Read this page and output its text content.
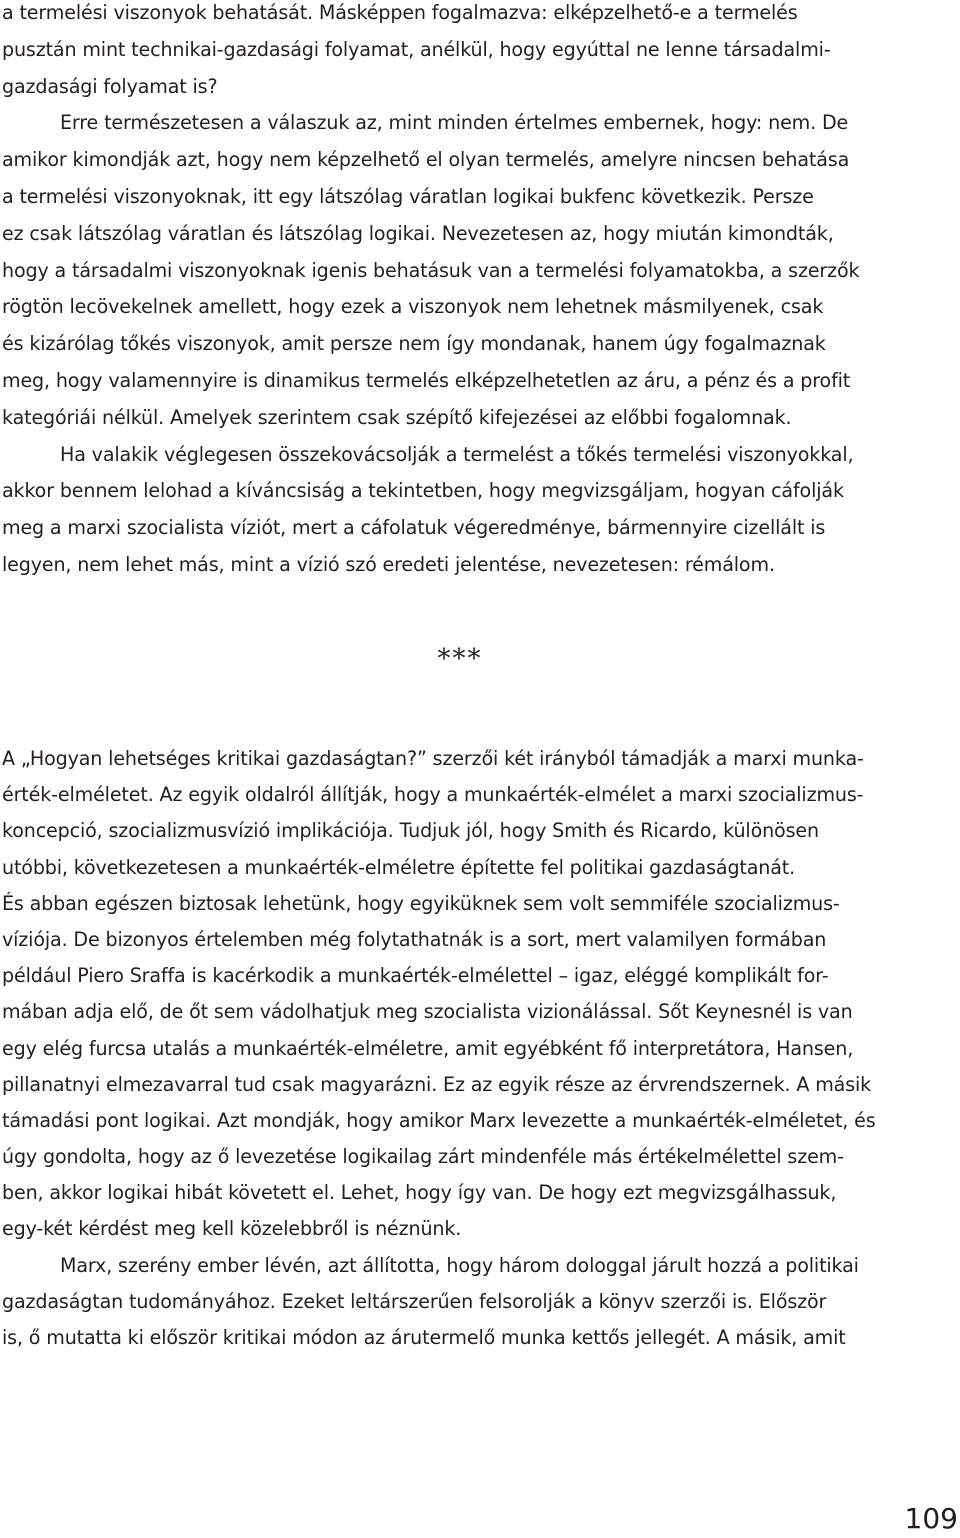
a termelési viszonyok behatását. Másképpen fogalmazva: elképzelhető-e a termelés
pusztán mint technikai-gazdasági folyamat, anélkül, hogy egyúttal ne lenne társadalmi-
gazdasági folyamat is?
Erre természetesen a válaszuk az, mint minden értelmes embernek, hogy: nem. De
amikor kimondják azt, hogy nem képzelhető el olyan termelés, amelyre nincsen behatása
a termelési viszonyoknak, itt egy látszólag váratlan logikai bukfenc következik. Persze
ez csak látszólag váratlan és látszólag logikai. Nevezetesen az, hogy miután kimondták,
hogy a társadalmi viszonyoknak igenis behatásuk van a termelési folyamatokba, a szerzők
rögtön lecövekelnek amellett, hogy ezek a viszonyok nem lehetnek másmilyenek, csak
és kizárólag tőkés viszonyok, amit persze nem így mondanak, hanem úgy fogalmaznak
meg, hogy valamennyire is dinamikus termelés elképzelhetetlen az áru, a pénz és a profit
kategóriái nélkül. Amelyek szerintem csak szépítő kifejezései az előbbi fogalomnak.
Ha valakik véglegesen összekovácsolják a termelést a tőkés termelési viszonyokkal,
akkor bennem lelohad a kíváncsiság a tekintetben, hogy megvizsgáljam, hogyan cáfolják
meg a marxi szocialista víziót, mert a cáfolatuk végeredménye, bármennyire cizellált is
legyen, nem lehet más, mint a vízió szó eredeti jelentése, nevezetesen: rémálom.
***
A „Hogyan lehetséges kritikai gazdaságtan?” szerzői két irányból támadják a marxi munka-
érték-elméletet. Az egyik oldalról állítják, hogy a munkaérték-elmélet a marxi szocializmus-
koncepció, szocializmusvízió implikációja. Tudjuk jól, hogy Smith és Ricardo, különösen
utóbbi, következetesen a munkaérték-elméletre építette fel politikai gazdaságtanát.
És abban egészen biztosak lehetünk, hogy egyiküknek sem volt semmiféle szocializmus-
víziója. De bizonyos értelemben még folytathatnák is a sort, mert valamilyen formában
például Piero Sraffa is kacérkodik a munkaérték-elmélettel – igaz, eléggé komplikált for-
mában adja elő, de őt sem vádolhatjuk meg szocialista vizionálással. Sőt Keynesnél is van
egy elég furcsa utalás a munkaérték-elméletre, amit egyébként fő interpretátora, Hansen,
pillanatnyi elmezavarral tud csak magyarázni. Ez az egyik része az érvrendszernek. A másik
támadási pont logikai. Azt mondják, hogy amikor Marx levezette a munkaérték-elméletet, és
úgy gondolta, hogy az ő levezetése logikailag zárt mindenféle más értékelmélettel szem-
ben, akkor logikai hibát követett el. Lehet, hogy így van. De hogy ezt megvizsgálhassuk,
egy-két kérdést meg kell közelebbről is néznünk.
Marx, szerény ember lévén, azt állította, hogy három dologgal járult hozzá a politikai
gazdaságtan tudományához. Ezeket leltárszerűen felsorolják a könyv szerzői is. Először
is, ő mutatta ki először kritikai módon az árutermelő munka kettős jellegét. A másik, amit
109
